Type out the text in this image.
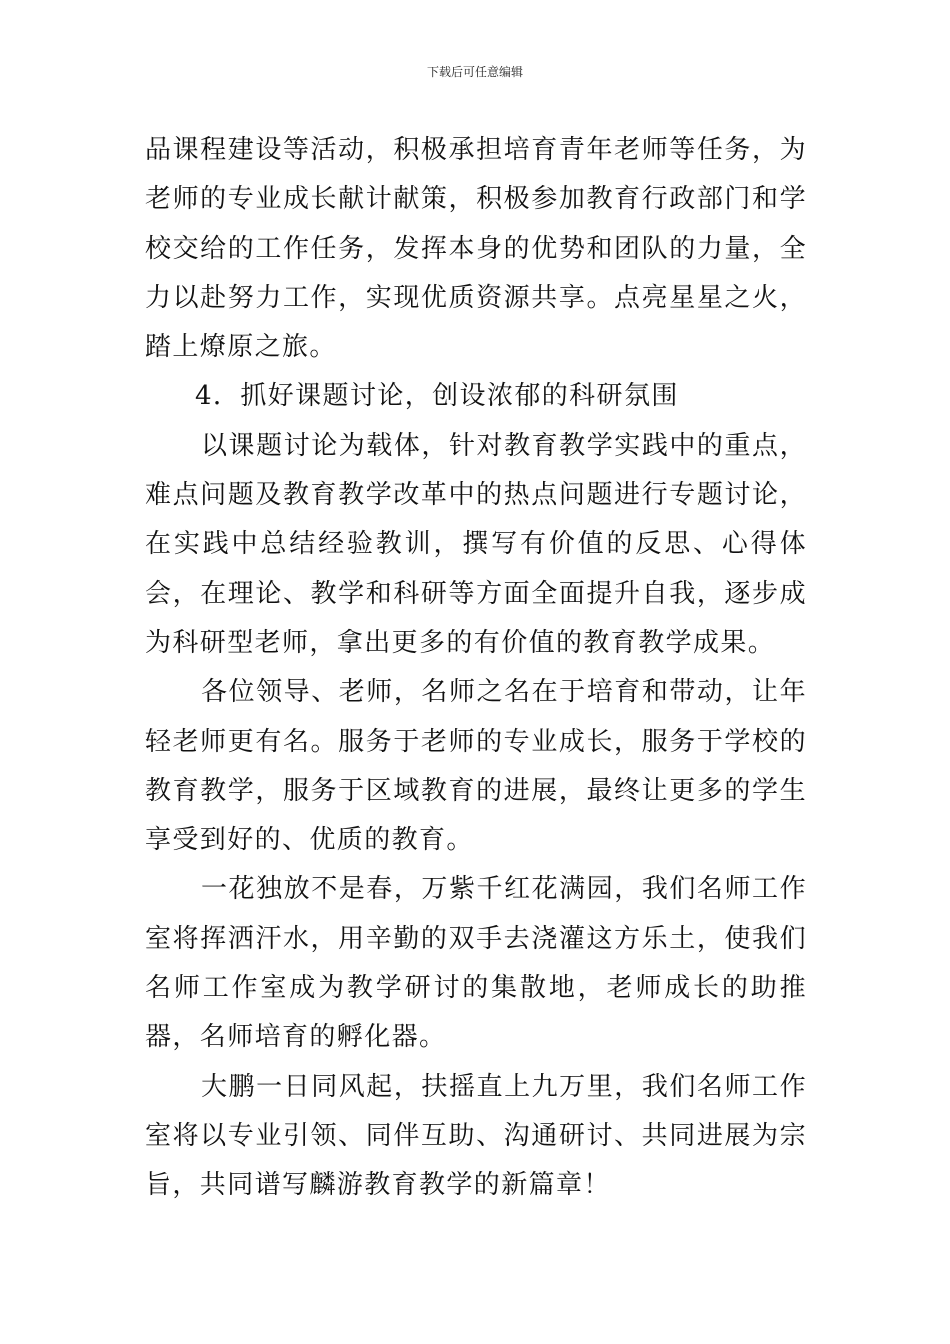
下载后可任意编辑

品课程建设等活动，积极承担培育青年老师等任务，为老师的专业成长献计献策，积极参加教育行政部门和学校交给的工作任务，发挥本身的优势和团队的力量，全力以赴努力工作，实现优质资源共享。点亮星星之火，踏上燎原之旅。

4．抓好课题讨论，创设浓郁的科研氛围

以课题讨论为载体，针对教育教学实践中的重点，难点问题及教育教学改革中的热点问题进行专题讨论，在实践中总结经验教训，撰写有价值的反思、心得体会，在理论、教学和科研等方面全面提升自我，逐步成为科研型老师，拿出更多的有价值的教育教学成果。

各位领导、老师，名师之名在于培育和带动，让年轻老师更有名。服务于老师的专业成长，服务于学校的教育教学，服务于区域教育的进展，最终让更多的学生享受到好的、优质的教育。

一花独放不是春，万紫千红花满园，我们名师工作室将挥洒汗水，用辛勤的双手去浇灌这方乐土，使我们名师工作室成为教学研讨的集散地，老师成长的助推器，名师培育的孵化器。

大鹏一日同风起，扶摇直上九万里，我们名师工作室将以专业引领、同伴互助、沟通研讨、共同进展为宗旨，共同谱写麟游教育教学的新篇章！
